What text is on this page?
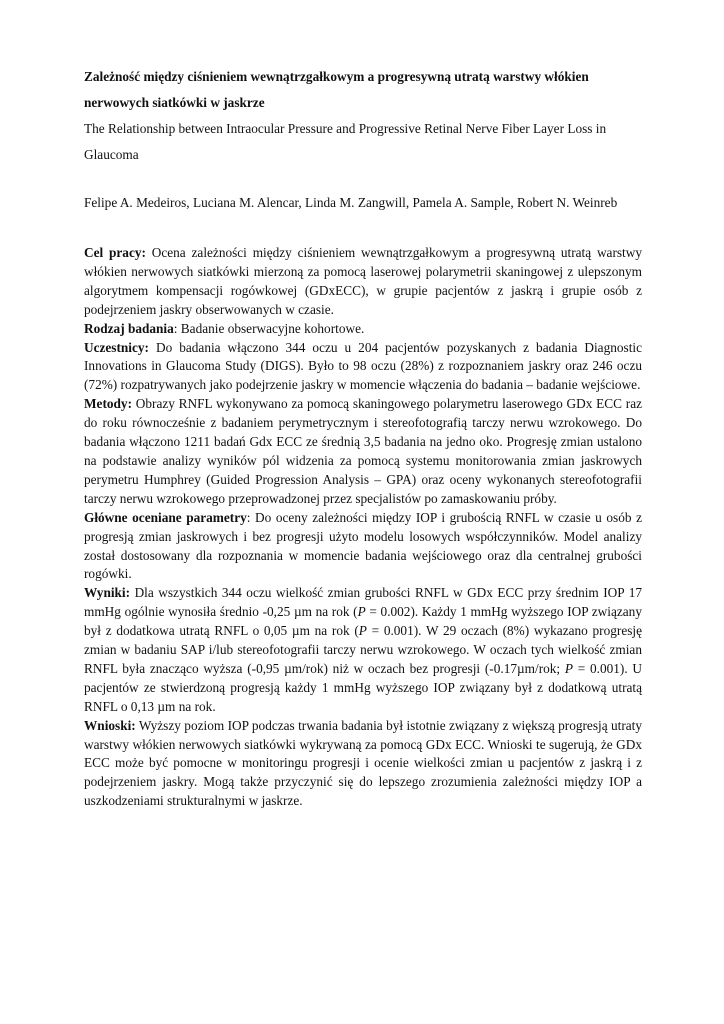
Zależność między ciśnieniem wewnątrzgałkowym a progresywną utratą warstwy włókien nerwowych siatkówki w jaskrze

The Relationship between Intraocular Pressure and Progressive Retinal Nerve Fiber Layer Loss in Glaucoma

Felipe A. Medeiros, Luciana M. Alencar, Linda M. Zangwill, Pamela A. Sample, Robert N. Weinreb

Cel pracy: Ocena zależności między ciśnieniem wewnątrzgałkowym a progresywną utratą warstwy włókien nerwowych siatkówki mierzoną za pomocą laserowej polarymetrii skaningowej z ulepszonym algorytmem kompensacji rogówkowej (GDxECC), w grupie pacjentów z jaskrą i grupie osób z podejrzeniem jaskry obserwowanych w czasie.

Rodzaj badania: Badanie obserwacyjne kohortowe.

Uczestnicy: Do badania włączono 344 oczu u 204 pacjentów pozyskanych z badania Diagnostic Innovations in Glaucoma Study (DIGS). Było to 98 oczu (28%) z rozpoznaniem jaskry oraz 246 oczu (72%) rozpatrywanych jako podejrzenie jaskry w momencie włączenia do badania – badanie wejściowe.

Metody: Obrazy RNFL wykonywano za pomocą skaningowego polarymetru laserowego GDx ECC raz do roku równocześnie z badaniem perymetrycznym i stereofotografią tarczy nerwu wzrokowego. Do badania włączono 1211 badań Gdx ECC ze średnią 3,5 badania na jedno oko. Progresję zmian ustalono na podstawie analizy wyników pól widzenia za pomocą systemu monitorowania zmian jaskrowych perymetru Humphrey (Guided Progression Analysis – GPA) oraz oceny wykonanych stereofotografii tarczy nerwu wzrokowego przeprowadzonej przez specjalistów po zamaskowaniu próby.

Główne oceniane parametry: Do oceny zależności między IOP i grubością RNFL w czasie u osób z progresją zmian jaskrowych i bez progresji użyto modelu losowych współczynników. Model analizy został dostosowany dla rozpoznania w momencie badania wejściowego oraz dla centralnej grubości rogówki.

Wyniki: Dla wszystkich 344 oczu wielkość zmian grubości RNFL w GDx ECC przy średnim IOP 17 mmHg ogólnie wynosiła średnio -0,25 µm na rok (P = 0.002). Każdy 1 mmHg wyższego IOP związany był z dodatkowa utratą RNFL o 0,05 µm na rok (P = 0.001). W 29 oczach (8%) wykazano progresję zmian w badaniu SAP i/lub stereofotografii tarczy nerwu wzrokowego. W oczach tych wielkość zmian RNFL była znacząco wyższa (-0,95 µm/rok) niż w oczach bez progresji (-0.17µm/rok; P = 0.001). U pacjentów ze stwierdzoną progresją każdy 1 mmHg wyższego IOP związany był z dodatkową utratą RNFL o 0,13 µm na rok.

Wnioski: Wyższy poziom IOP podczas trwania badania był istotnie związany z większą progresją utraty warstwy włókien nerwowych siatkówki wykrywaną za pomocą GDx ECC. Wnioski te sugerują, że GDx ECC może być pomocne w monitoringu progresji i ocenie wielkości zmian u pacjentów z jaskrą i z podejrzeniem jaskry. Mogą także przyczynić się do lepszego zrozumienia zależności między IOP a uszkodzeniami strukturalnymi w jaskrze.
